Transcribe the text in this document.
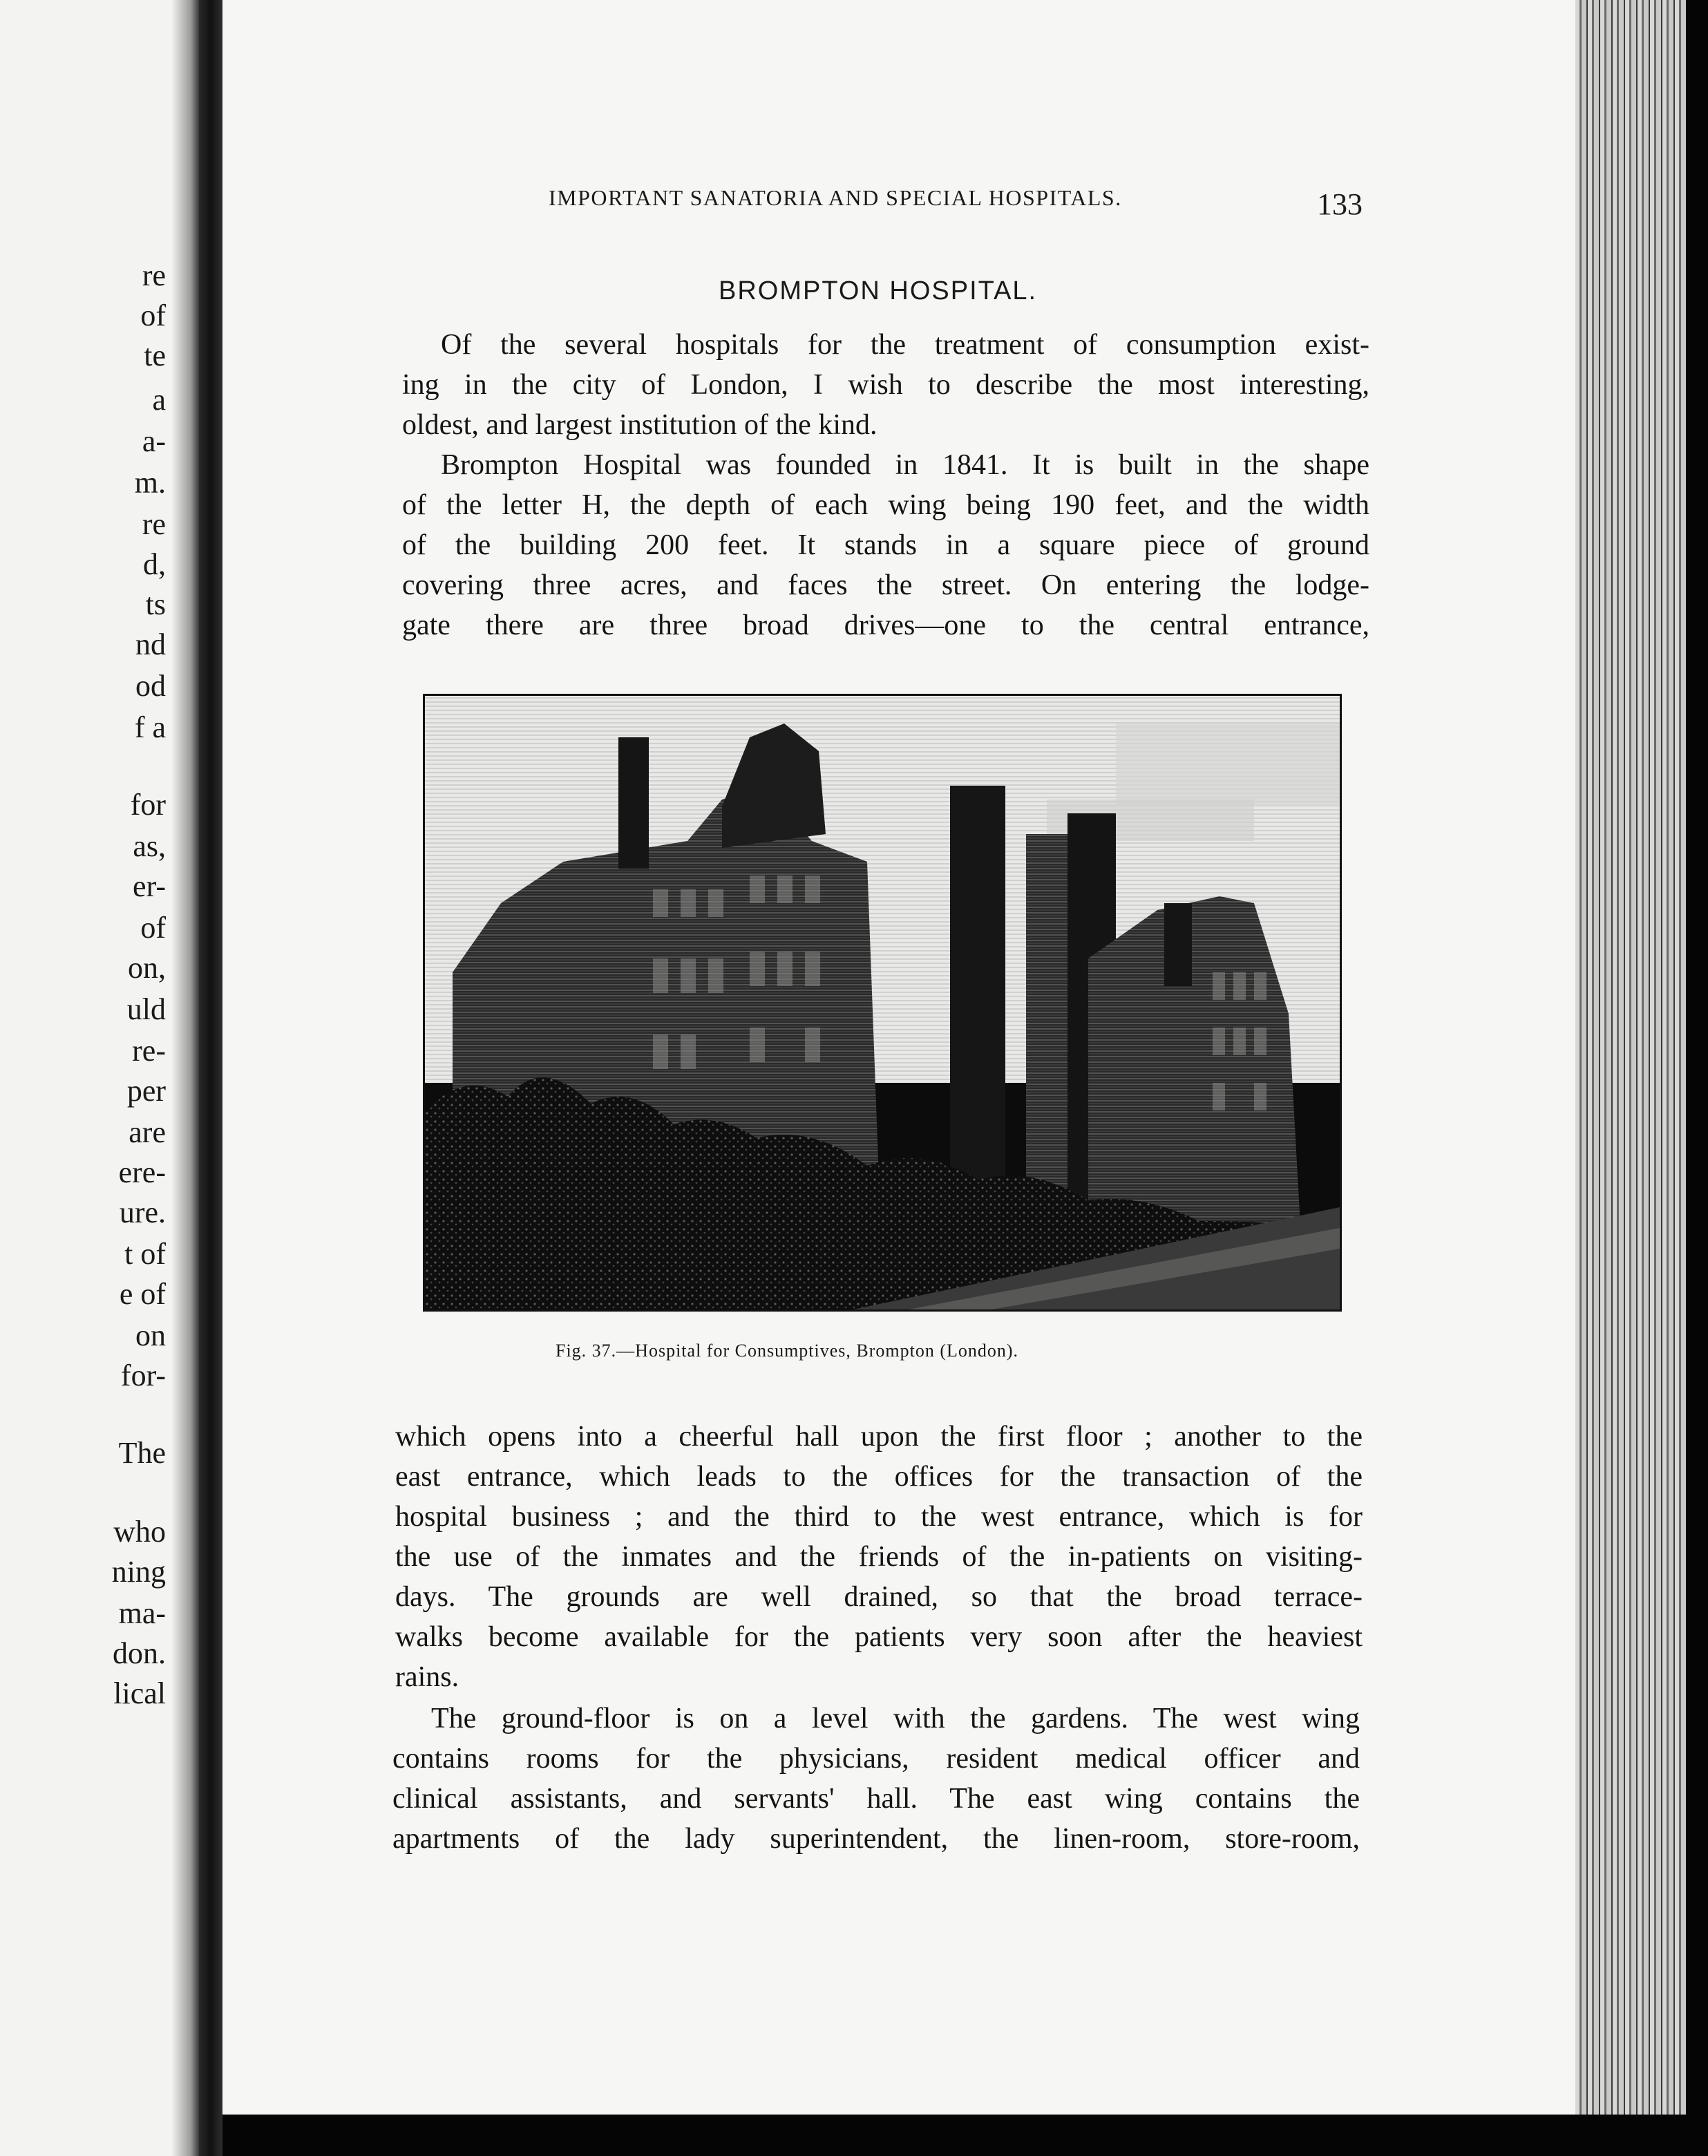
re

of

te

a

a-

m.

re

d,

ts

nd

od

f a

for

as,

er-

of

on,

uld

re-

per

are

ere-

ure.

t of

e of

on

for-

The

who

ning

ma-

don.

lical

IMPORTANT SANATORIA AND SPECIAL HOSPITALS.	133

BROMPTON HOSPITAL.

Of the several hospitals for the treatment of consumption exist-
ing in the city of London, I wish to describe the most interesting,
oldest, and largest institution of the kind.
Brompton Hospital was founded in 1841. It is built in the shape
of the letter H, the depth of each wing being 190 feet, and the width
of the building 200 feet. It stands in a square piece of ground
covering three acres, and faces the street. On entering the lodge-
gate there are three broad drives—one to the central entrance,

Fig. 37.—Hospital for Consumptives, Brompton (London).

which opens into a cheerful hall upon the first floor ; another to the
east entrance, which leads to the offices for the transaction of the
hospital business ; and the third to the west entrance, which is for
the use of the inmates and the friends of the in-patients on visiting-
days. The grounds are well drained, so that the broad terrace-
walks become available for the patients very soon after the heaviest
rains.
The ground-floor is on a level with the gardens. The west wing
contains rooms for the physicians, resident medical officer and
clinical assistants, and servants' hall. The east wing contains the
apartments of the lady superintendent, the linen-room, store-room,
